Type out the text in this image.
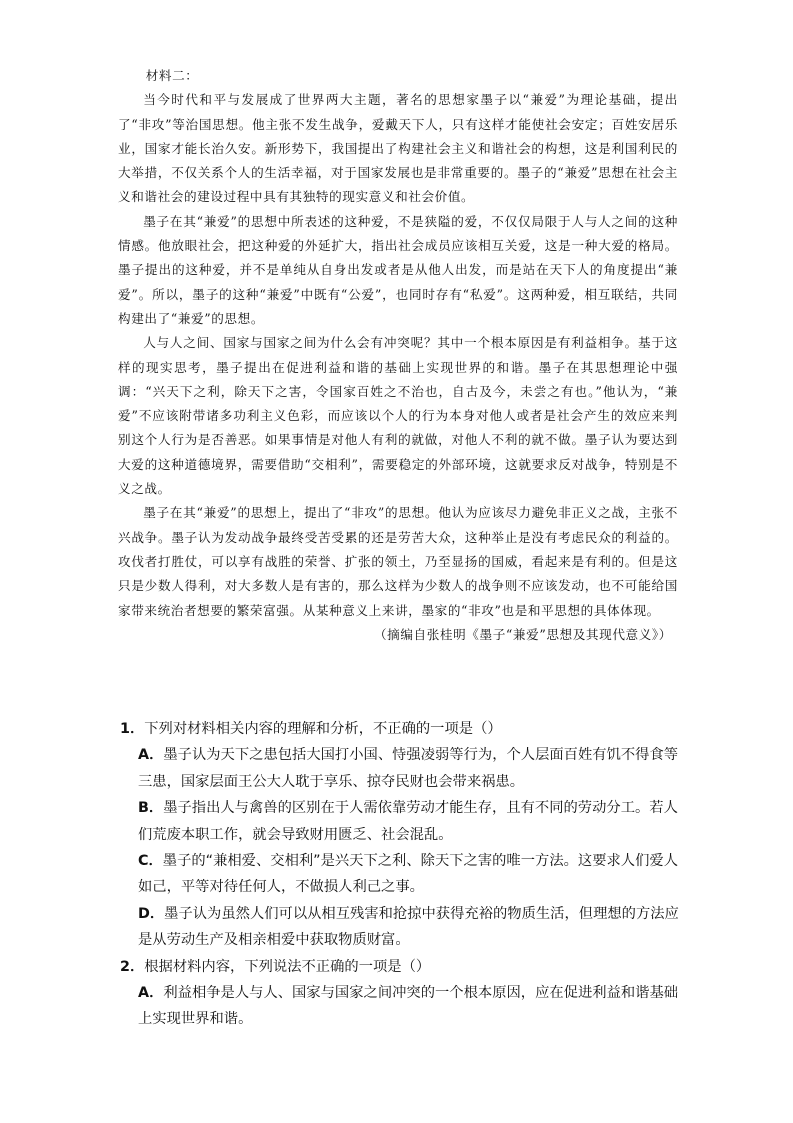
材料二：

当今时代和平与发展成了世界两大主题，著名的思想家墨子以“兼爱”为理论基础，提出了“非攻”等治国思想。他主张不发生战争，爱戴天下人，只有这样才能使社会安定；百姓安居乐业，国家才能长治久安。新形势下，我国提出了构建社会主义和谐社会的构想，这是利国利民的大举措，不仅关系个人的生活幸福，对于国家发展也是非常重要的。墨子的“兼爱”思想在社会主义和谐社会的建设过程中具有其独特的现实意义和社会价值。

墨子在其“兼爱”的思想中所表述的这种爱，不是狭隘的爱，不仅仅局限于人与人之间的这种情感。他放眼社会，把这种爱的外延扩大，指出社会成员应该相互关爱，这是一种大爱的格局。墨子提出的这种爱，并不是单纯从自身出发或者是从他人出发，而是站在天下人的角度提出“兼爱”。所以，墨子的这种“兼爱”中既有“公爱”，也同时存有“私爱”。这两种爱，相互联结，共同构建出了“兼爱”的思想。

人与人之间、国家与国家之间为什么会有冲突呢？其中一个根本原因是有利益相争。基于这样的现实思考，墨子提出在促进利益和谐的基础上实现世界的和谐。墨子在其思想理论中强调：“兴天下之利，除天下之害，令国家百姓之不治也，自古及今，未尝之有也。”他认为，“兼爱”不应该附带诸多功利主义色彩，而应该以个人的行为本身对他人或者是社会产生的效应来判别这个人行为是否善恶。如果事情是对他人有利的就做，对他人不利的就不做。墨子认为要达到大爱的这种道德境界，需要借助“交相利”，需要稳定的外部环境，这就要求反对战争，特别是不义之战。

墨子在其“兼爱”的思想上，提出了“非攻”的思想。他认为应该尽力避免非正义之战，主张不兴战争。墨子认为发动战争最终受苦受累的还是劳苦大众，这种举止是没有考虑民众的利益的。攻伐者打胜仗，可以享有战胜的荣誉、扩张的领土，乃至显扬的国威，看起来是有利的。但是这只是少数人得利，对大多数人是有害的，那么这样为少数人的战争则不应该发动，也不可能给国家带来统治者想要的繁荣富强。从某种意义上来讲，墨家的“非攻”也是和平思想的具体体现。

（摘编自张桂明《墨子“兼爱”思想及其现代意义》）

1．下列对材料相关内容的理解和分析，不正确的一项是（）

A．墨子认为天下之患包括大国打小国、恃强凌弱等行为，个人层面百姓有饥不得食等三患，国家层面王公大人耽于享乐、掠夺民财也会带来祸患。

B．墨子指出人与禽兽的区别在于人需依靠劳动才能生存，且有不同的劳动分工。若人们荒废本职工作，就会导致财用匮乏、社会混乱。

C．墨子的“兼相爱、交相利”是兴天下之利、除天下之害的唯一方法。这要求人们爱人如己，平等对待任何人，不做损人利己之事。

D．墨子认为虽然人们可以从相互残害和抢掠中获得充裕的物质生活，但理想的方法应是从劳动生产及相亲相爱中获取物质财富。

2．根据材料内容，下列说法不正确的一项是（）

A．利益相争是人与人、国家与国家之间冲突的一个根本原因，应在促进利益和谐基础上实现世界和谐。
